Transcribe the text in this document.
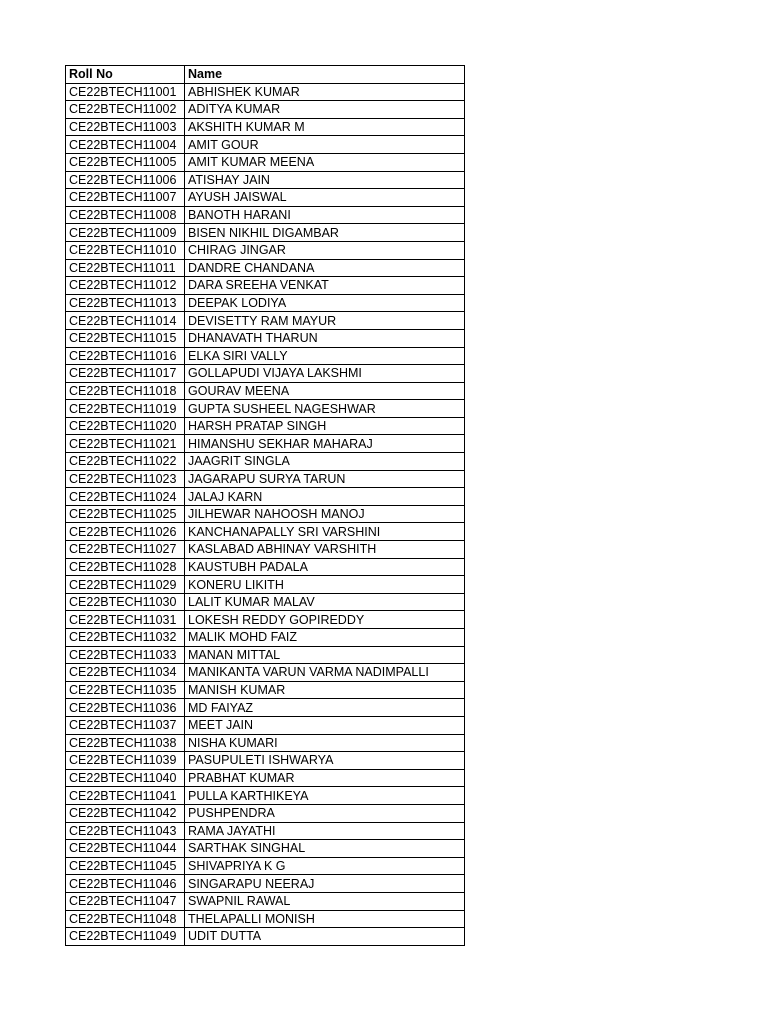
Roll No	Name
CE22BTECH11001	ABHISHEK KUMAR
CE22BTECH11002	ADITYA KUMAR
CE22BTECH11003	AKSHITH KUMAR M
CE22BTECH11004	AMIT GOUR
CE22BTECH11005	AMIT KUMAR MEENA
CE22BTECH11006	ATISHAY JAIN
CE22BTECH11007	AYUSH JAISWAL
CE22BTECH11008	BANOTH HARANI
CE22BTECH11009	BISEN NIKHIL DIGAMBAR
CE22BTECH11010	CHIRAG JINGAR
CE22BTECH11011	DANDRE CHANDANA
CE22BTECH11012	DARA SREEHA VENKAT
CE22BTECH11013	DEEPAK LODIYA
CE22BTECH11014	DEVISETTY RAM MAYUR
CE22BTECH11015	DHANAVATH THARUN
CE22BTECH11016	ELKA SIRI VALLY
CE22BTECH11017	GOLLAPUDI VIJAYA LAKSHMI
CE22BTECH11018	GOURAV MEENA
CE22BTECH11019	GUPTA SUSHEEL NAGESHWAR
CE22BTECH11020	HARSH PRATAP SINGH
CE22BTECH11021	HIMANSHU SEKHAR MAHARAJ
CE22BTECH11022	JAAGRIT SINGLA
CE22BTECH11023	JAGARAPU SURYA TARUN
CE22BTECH11024	JALAJ KARN
CE22BTECH11025	JILHEWAR NAHOOSH MANOJ
CE22BTECH11026	KANCHANAPALLY SRI VARSHINI
CE22BTECH11027	KASLABAD ABHINAY VARSHITH
CE22BTECH11028	KAUSTUBH PADALA
CE22BTECH11029	KONERU LIKITH
CE22BTECH11030	LALIT KUMAR MALAV
CE22BTECH11031	LOKESH REDDY GOPIREDDY
CE22BTECH11032	MALIK MOHD FAIZ
CE22BTECH11033	MANAN MITTAL
CE22BTECH11034	MANIKANTA VARUN VARMA NADIMPALLI
CE22BTECH11035	MANISH KUMAR
CE22BTECH11036	MD FAIYAZ
CE22BTECH11037	MEET JAIN
CE22BTECH11038	NISHA KUMARI
CE22BTECH11039	PASUPULETI ISHWARYA
CE22BTECH11040	PRABHAT KUMAR
CE22BTECH11041	PULLA KARTHIKEYA
CE22BTECH11042	PUSHPENDRA
CE22BTECH11043	RAMA JAYATHI
CE22BTECH11044	SARTHAK SINGHAL
CE22BTECH11045	SHIVAPRIYA K G
CE22BTECH11046	SINGARAPU NEERAJ
CE22BTECH11047	SWAPNIL RAWAL
CE22BTECH11048	THELAPALLI MONISH
CE22BTECH11049	UDIT DUTTA
